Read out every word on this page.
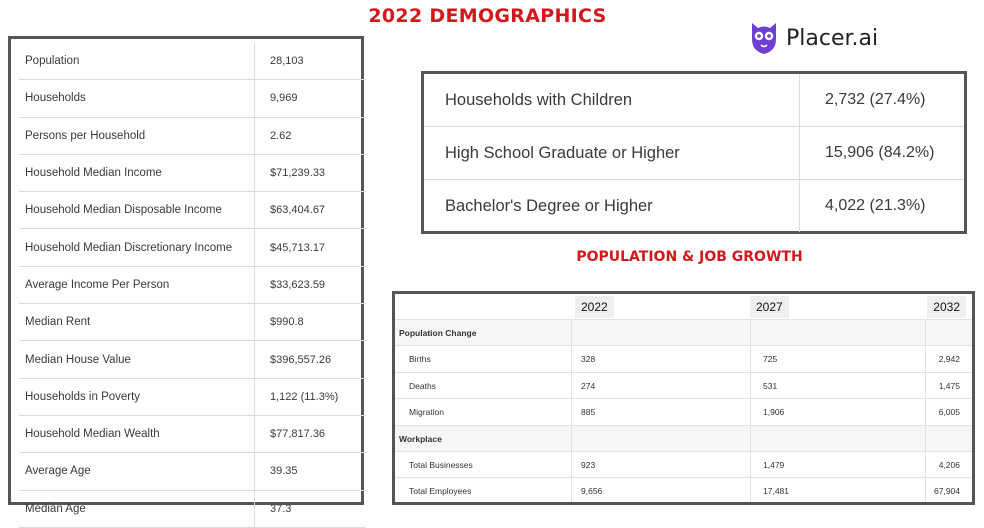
2022 DEMOGRAPHICS
Placer.ai
Population	28,103
Households	9,969
Persons per Household	2.62
Household Median Income	$71,239.33
Household Median Disposable Income	$63,404.67
Household Median Discretionary Income	$45,713.17
Average Income Per Person	$33,623.59
Median Rent	$990.8
Median House Value	$396,557.26
Households in Poverty	1,122 (11.3%)
Household Median Wealth	$77,817.36
Average Age	39.35
Median Age	37.3
Households with Children	2,732 (27.4%)
High School Graduate or Higher	15,906 (84.2%)
Bachelor's Degree or Higher	4,022 (21.3%)
POPULATION & JOB GROWTH
2022	2027	2032
Population Change
Births	328	725	2,942
Deaths	274	531	1,475
Migration	885	1,906	6,005
Workplace
Total Businesses	923	1,479	4,206
Total Employees	9,656	17,481	67,904
